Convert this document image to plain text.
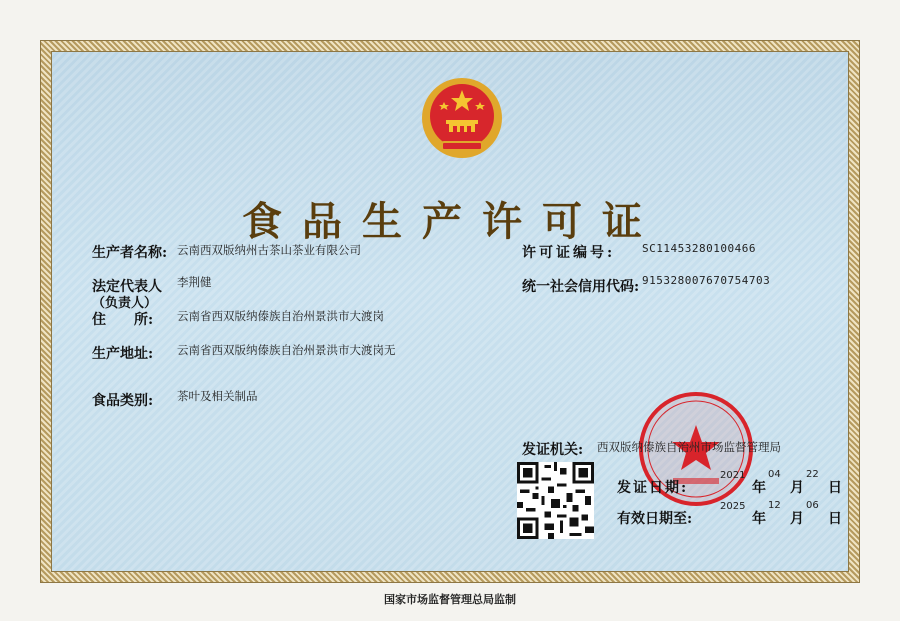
食品生产许可证
生产者名称: 云南西双版纳州古茶山茶业有限公司
法定代表人
（负责人）
李荆健
住　　所: 云南省西双版纳傣族自治州景洪市大渡岗
生产地址: 云南省西双版纳傣族自治州景洪市大渡岗无
食品类别: 茶叶及相关制品
许可证编号: SC11453280100466
统一社会信用代码: 91532800767075470З
发证机关: 西双版纳傣族自治州市场监督管理局
发证日期:
2021
年
04
月
22
日
有效日期至:
2025
年
12
月
06
日
国家市场监督管理总局监制
